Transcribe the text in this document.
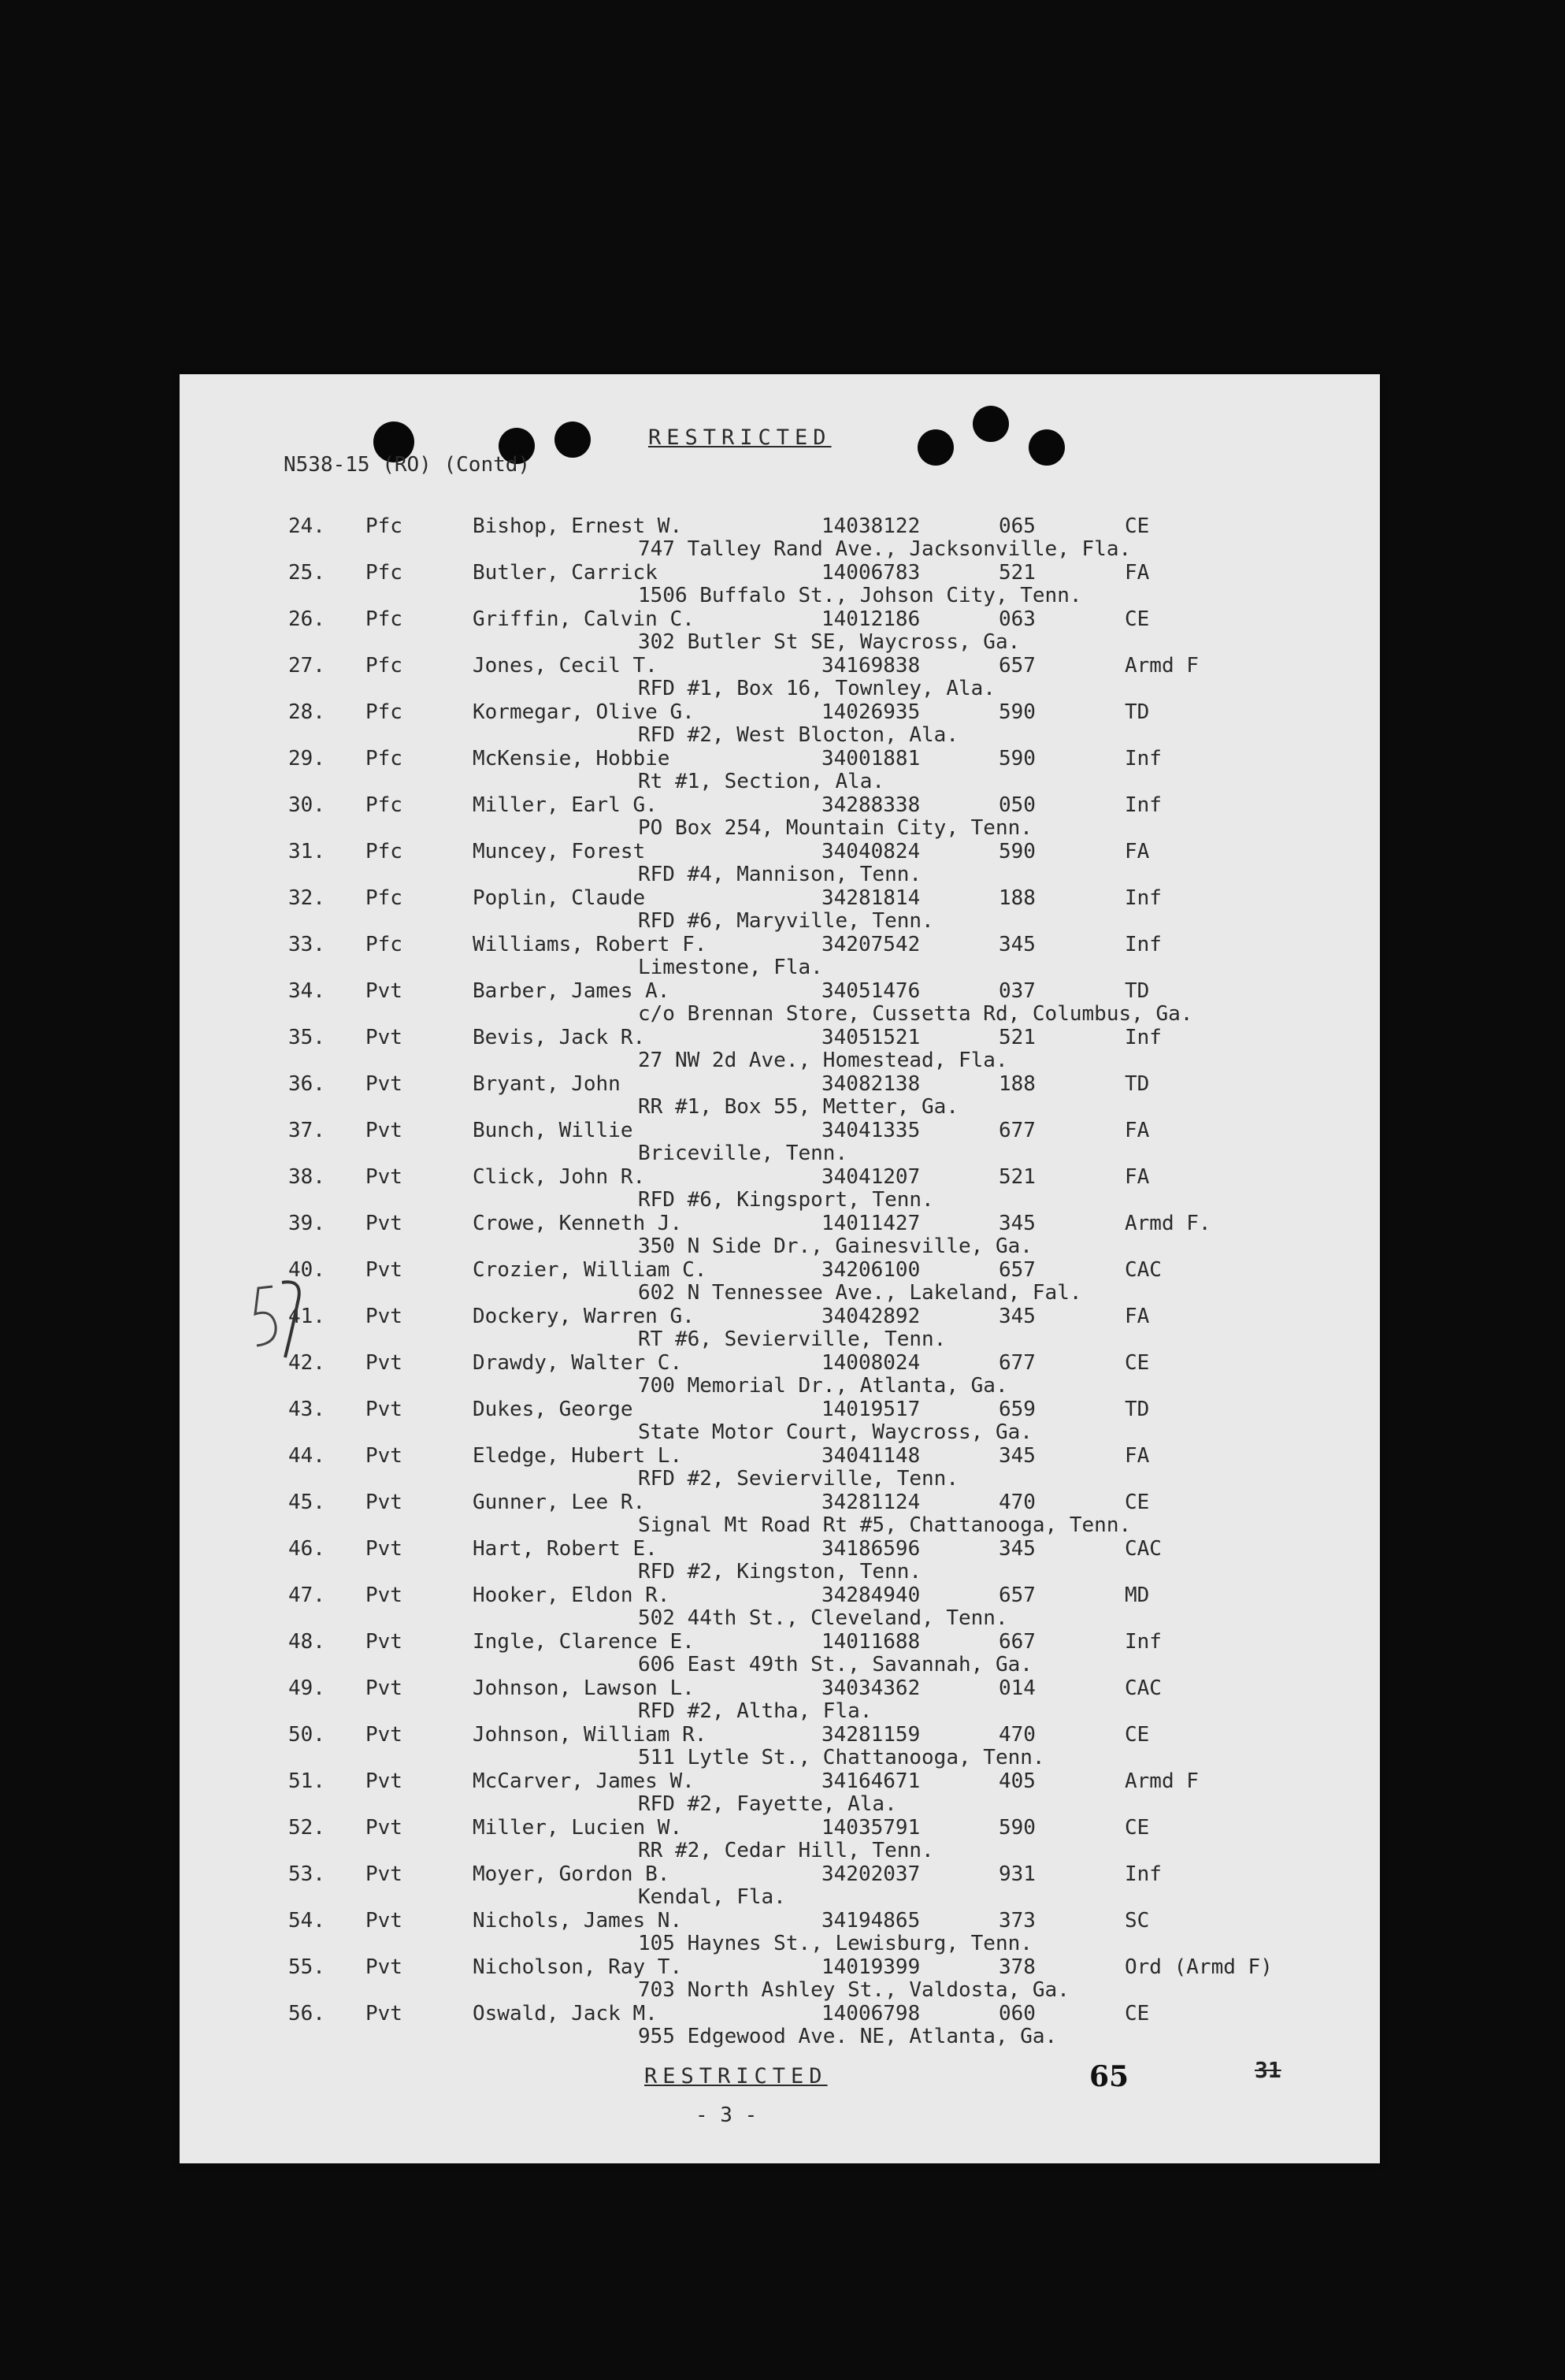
RESTRICTED
N538-15 (RO) (Contd)
24. Pfc	Bishop, Ernest W.	14038122	065	CE
747 Talley Rand Ave., Jacksonville, Fla.
25. Pfc	Butler, Carrick	14006783	521	FA
1506 Buffalo St., Johson City, Tenn.
26. Pfc	Griffin, Calvin C.	14012186	063	CE
302 Butler St SE, Waycross, Ga.
27. Pfc	Jones, Cecil T.	34169838	657	Armd F
RFD #1, Box 16, Townley, Ala.
28. Pfc	Kormegar, Olive G.	14026935	590	TD
RFD #2, West Blocton, Ala.
29. Pfc	McKensie, Hobbie	34001881	590	Inf
Rt #1, Section, Ala.
30. Pfc	Miller, Earl G.	34288338	050	Inf
PO Box 254, Mountain City, Tenn.
31. Pfc	Muncey, Forest	34040824	590	FA
RFD #4, Mannison, Tenn.
32. Pfc	Poplin, Claude	34281814	188	Inf
RFD #6, Maryville, Tenn.
33. Pfc	Williams, Robert F.	34207542	345	Inf
Limestone, Fla.
34. Pvt	Barber, James A.	34051476	037	TD
c/o Brennan Store, Cussetta Rd, Columbus, Ga.
35. Pvt	Bevis, Jack R.	34051521	521	Inf
27 NW 2d Ave., Homestead, Fla.
36. Pvt	Bryant, John	34082138	188	TD
RR #1, Box 55, Metter, Ga.
37. Pvt	Bunch, Willie	34041335	677	FA
Briceville, Tenn.
38. Pvt	Click, John R.	34041207	521	FA
RFD #6, Kingsport, Tenn.
39. Pvt	Crowe, Kenneth J.	14011427	345	Armd F.
350 N Side Dr., Gainesville, Ga.
40. Pvt	Crozier, William C.	34206100	657	CAC
602 N Tennessee Ave., Lakeland, Fal.
41. Pvt	Dockery, Warren G.	34042892	345	FA
RT #6, Sevierville, Tenn.
42. Pvt	Drawdy, Walter C.	14008024	677	CE
700 Memorial Dr., Atlanta, Ga.
43. Pvt	Dukes, George	14019517	659	TD
State Motor Court, Waycross, Ga.
44. Pvt	Eledge, Hubert L.	34041148	345	FA
RFD #2, Sevierville, Tenn.
45. Pvt	Gunner, Lee R.	34281124	470	CE
Signal Mt Road Rt #5, Chattanooga, Tenn.
46. Pvt	Hart, Robert E.	34186596	345	CAC
RFD #2, Kingston, Tenn.
47. Pvt	Hooker, Eldon R.	34284940	657	MD
502 44th St., Cleveland, Tenn.
48. Pvt	Ingle, Clarence E.	14011688	667	Inf
606 East 49th St., Savannah, Ga.
49. Pvt	Johnson, Lawson L.	34034362	014	CAC
RFD #2, Altha, Fla.
50. Pvt	Johnson, William R.	34281159	470	CE
511 Lytle St., Chattanooga, Tenn.
51. Pvt	McCarver, James W.	34164671	405	Armd F
RFD #2, Fayette, Ala.
52. Pvt	Miller, Lucien W.	14035791	590	CE
RR #2, Cedar Hill, Tenn.
53. Pvt	Moyer, Gordon B.	34202037	931	Inf
Kendal, Fla.
54. Pvt	Nichols, James N.	34194865	373	SC
105 Haynes St., Lewisburg, Tenn.
55. Pvt	Nicholson, Ray T.	14019399	378	Ord (Armd F)
703 North Ashley St., Valdosta, Ga.
56. Pvt	Oswald, Jack M.	14006798	060	CE
955 Edgewood Ave. NE, Atlanta, Ga.
RESTRICTED
- 3 -
65	31
